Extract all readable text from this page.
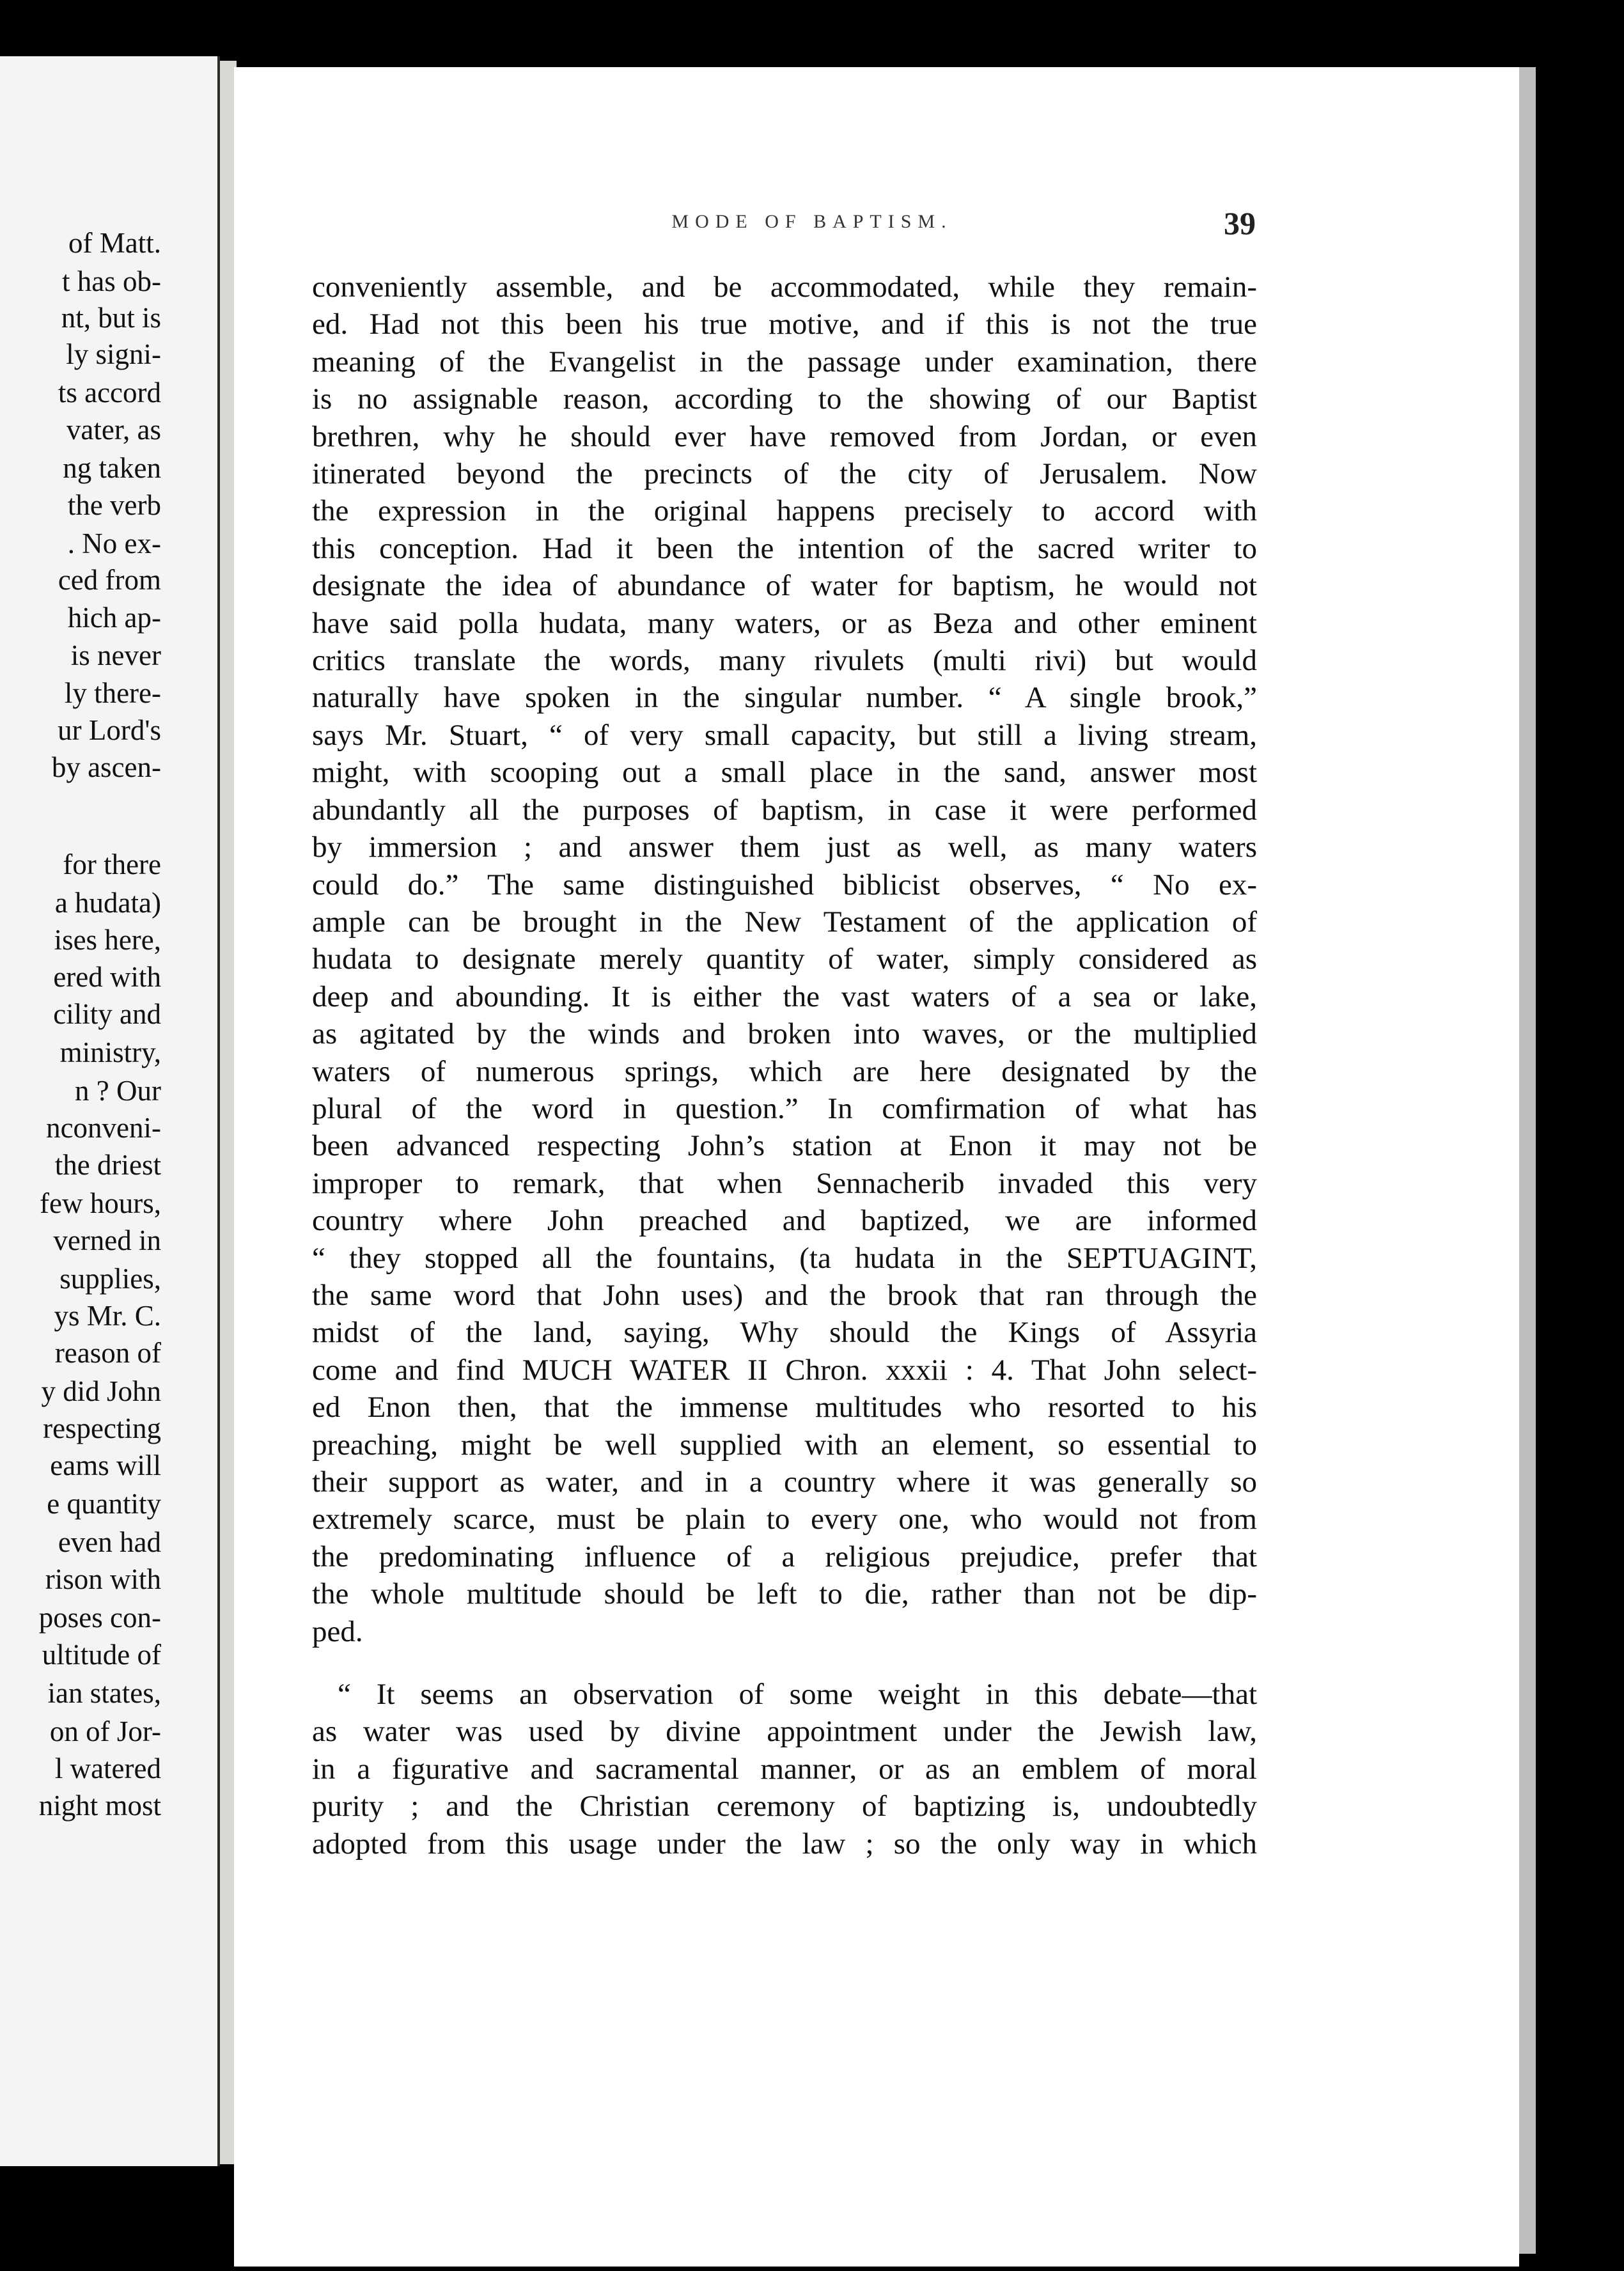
of Matt.
t has ob-
nt, but is
ly signi-
ts accord
vater, as
ng taken
the verb
. No ex-
ced from
hich ap-
is never
ly there-
ur Lord's
by ascen-
for there
a hudata)
ises here,
ered with
cility and
ministry,
n ? Our
nconveni-
the driest
few hours,
verned in
supplies,
ys Mr. C.
reason of
y did John
respecting
eams will
e quantity
even had
rison with
poses con-
ultitude of
ian states,
on of Jor-
l watered
night most
MODE OF BAPTISM.	39
conveniently assemble, and be accommodated, while they remain-
ed. Had not this been his true motive, and if this is not the true
meaning of the Evangelist in the passage under examination, there
is no assignable reason, according to the showing of our Baptist
brethren, why he should ever have removed from Jordan, or even
itinerated beyond the precincts of the city of Jerusalem. Now
the expression in the original happens precisely to accord with
this conception. Had it been the intention of the sacred writer to
designate the idea of abundance of water for baptism, he would not
have said polla hudata, many waters, or as Beza and other eminent
critics translate the words, many rivulets (multi rivi) but would
naturally have spoken in the singular number. “ A single brook,”
says Mr. Stuart, “ of very small capacity, but still a living stream,
might, with scooping out a small place in the sand, answer most
abundantly all the purposes of baptism, in case it were performed
by immersion ; and answer them just as well, as many waters
could do.” The same distinguished biblicist observes, “ No ex-
ample can be brought in the New Testament of the application of
hudata to designate merely quantity of water, simply considered as
deep and abounding. It is either the vast waters of a sea or lake,
as agitated by the winds and broken into waves, or the multiplied
waters of numerous springs, which are here designated by the
plural of the word in question.” In comfirmation of what has
been advanced respecting John’s station at Enon it may not be
improper to remark, that when Sennacherib invaded this very
country where John preached and baptized, we are informed
“ they stopped all the fountains, (ta hudata in the SEPTUAGINT,
the same word that John uses) and the brook that ran through the
midst of the land, saying, Why should the Kings of Assyria
come and find MUCH WATER II Chron. xxxii : 4. That John select-
ed Enon then, that the immense multitudes who resorted to his
preaching, might be well supplied with an element, so essential to
their support as water, and in a country where it was generally so
extremely scarce, must be plain to every one, who would not from
the predominating influence of a religious prejudice, prefer that
the whole multitude should be left to die, rather than not be dip-
ped.
“ It seems an observation of some weight in this debate—that
as water was used by divine appointment under the Jewish law,
in a figurative and sacramental manner, or as an emblem of moral
purity ; and the Christian ceremony of baptizing is, undoubtedly
adopted from this usage under the law ; so the only way in which
